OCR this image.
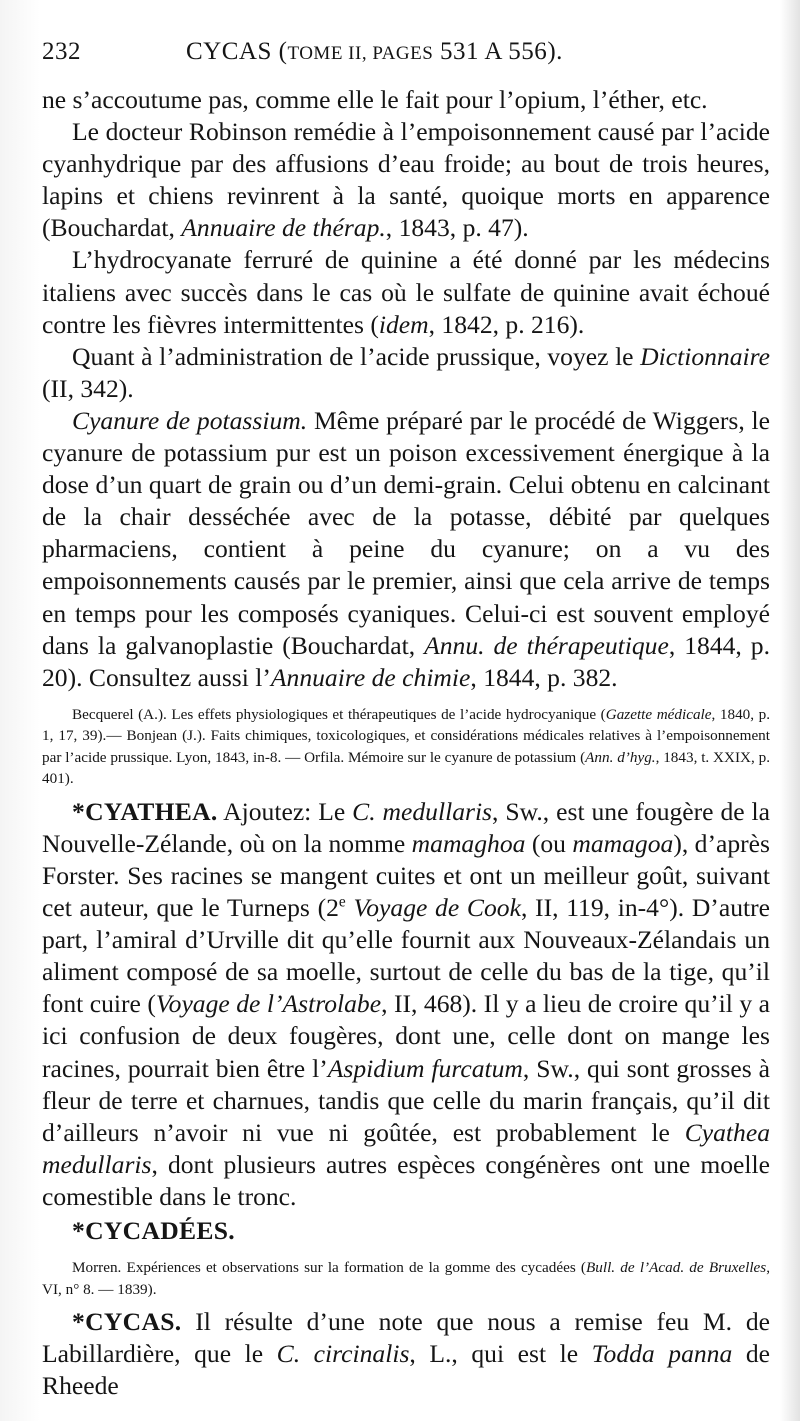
232	CYCAS (TOME II, PAGES 531 A 556).

ne s’accoutume pas, comme elle le fait pour l’opium, l’éther, etc.

Le docteur Robinson remédie à l’empoisonnement causé par l’acide cyanhydrique par des affusions d’eau froide; au bout de trois heures, lapins et chiens revinrent à la santé, quoique morts en apparence (Bouchardat, Annuaire de thérap., 1843, p. 47).

L’hydrocyanate ferruré de quinine a été donné par les médecins italiens avec succès dans le cas où le sulfate de quinine avait échoué contre les fièvres intermittentes (idem, 1842, p. 216).

Quant à l’administration de l’acide prussique, voyez le Dictionnaire (II, 342).

Cyanure de potassium. Même préparé par le procédé de Wiggers, le cyanure de potassium pur est un poison excessivement énergique à la dose d’un quart de grain ou d’un demi-grain. Celui obtenu en calcinant de la chair desséchée avec de la potasse, débité par quelques pharmaciens, contient à peine du cyanure; on a vu des empoisonnements causés par le premier, ainsi que cela arrive de temps en temps pour les composés cyaniques. Celui-ci est souvent employé dans la galvanoplastie (Bouchardat, Annu. de thérapeutique, 1844, p. 20). Consultez aussi l’Annuaire de chimie, 1844, p. 382.

Becquerel (A.). Les effets physiologiques et thérapeutiques de l’acide hydrocyanique (Gazette médicale, 1840, p. 1, 17, 39).— Bonjean (J.). Faits chimiques, toxicologiques, et considérations médicales relatives à l’empoisonnement par l’acide prussique. Lyon, 1843, in-8. — Orfila. Mémoire sur le cyanure de potassium (Ann. d’hyg., 1843, t. XXIX, p. 401).

*CYATHEA. Ajoutez: Le C. medullaris, Sw., est une fougère de la Nouvelle-Zélande, où on la nomme mamaghoa (ou mamagoa), d’après Forster. Ses racines se mangent cuites et ont un meilleur goût, suivant cet auteur, que le Turneps (2e Voyage de Cook, II, 119, in-4°). D’autre part, l’amiral d’Urville dit qu’elle fournit aux Nouveaux-Zélandais un aliment composé de sa moelle, surtout de celle du bas de la tige, qu’il font cuire (Voyage de l’Astrolabe, II, 468). Il y a lieu de croire qu’il y a ici confusion de deux fougères, dont une, celle dont on mange les racines, pourrait bien être l’Aspidium furcatum, Sw., qui sont grosses à fleur de terre et charnues, tandis que celle du marin français, qu’il dit d’ailleurs n’avoir ni vue ni goûtée, est probablement le Cyathea medullaris, dont plusieurs autres espèces congénères ont une moelle comestible dans le tronc.

*CYCADÉES.

Morren. Expériences et observations sur la formation de la gomme des cycadées (Bull. de l’Acad. de Bruxelles, VI, n° 8. — 1839).

*CYCAS. Il résulte d’une note que nous a remise feu M. de Labillardière, que le C. circinalis, L., qui est le Todda panna de Rheede
